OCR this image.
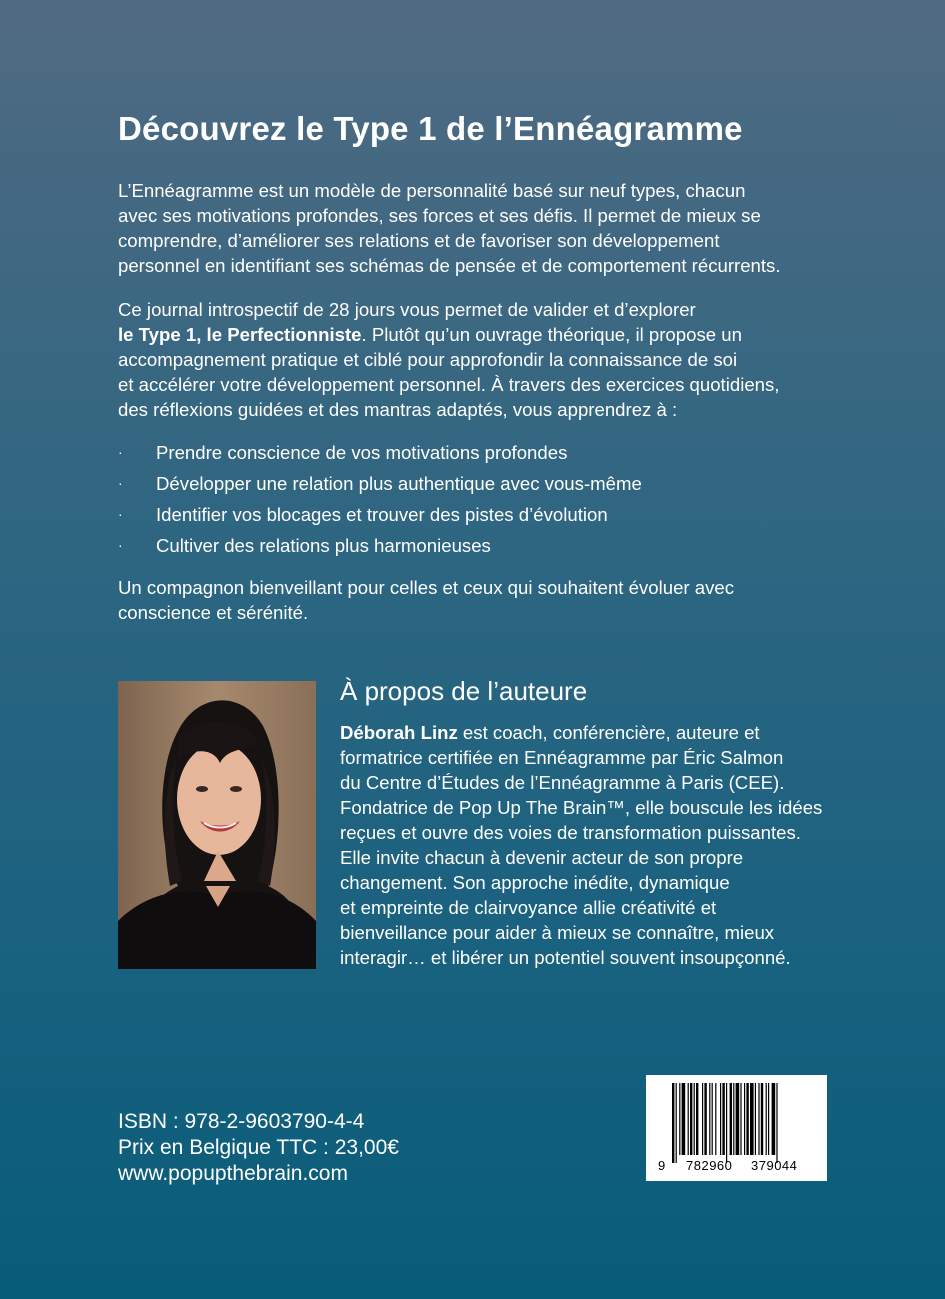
Découvrez le Type 1 de l’Ennéagramme

L’Ennéagramme est un modèle de personnalité basé sur neuf types, chacun
avec ses motivations profondes, ses forces et ses défis. Il permet de mieux se
comprendre, d’améliorer ses relations et de favoriser son développement
personnel en identifiant ses schémas de pensée et de comportement récurrents.

Ce journal introspectif de 28 jours vous permet de valider et d’explorer
le Type 1, le Perfectionniste. Plutôt qu’un ouvrage théorique, il propose un
accompagnement pratique et ciblé pour approfondir la connaissance de soi
et accélérer votre développement personnel. À travers des exercices quotidiens,
des réflexions guidées et des mantras adaptés, vous apprendrez à :

· Prendre conscience de vos motivations profondes
· Développer une relation plus authentique avec vous-même
· Identifier vos blocages et trouver des pistes d’évolution
· Cultiver des relations plus harmonieuses

Un compagnon bienveillant pour celles et ceux qui souhaitent évoluer avec
conscience et sérénité.

À propos de l’auteure

Déborah Linz est coach, conférencière, auteure et
formatrice certifiée en Ennéagramme par Éric Salmon
du Centre d’Études de l’Ennéagramme à Paris (CEE).
Fondatrice de Pop Up The Brain™, elle bouscule les idées
reçues et ouvre des voies de transformation puissantes.
Elle invite chacun à devenir acteur de son propre
changement. Son approche inédite, dynamique
et empreinte de clairvoyance allie créativité et
bienveillance pour aider à mieux se connaître, mieux
interagir… et libérer un potentiel souvent insoupçonné.

ISBN : 978-2-9603790-4-4
Prix en Belgique TTC : 23,00€
www.popupthebrain.com	9 782960 379044
